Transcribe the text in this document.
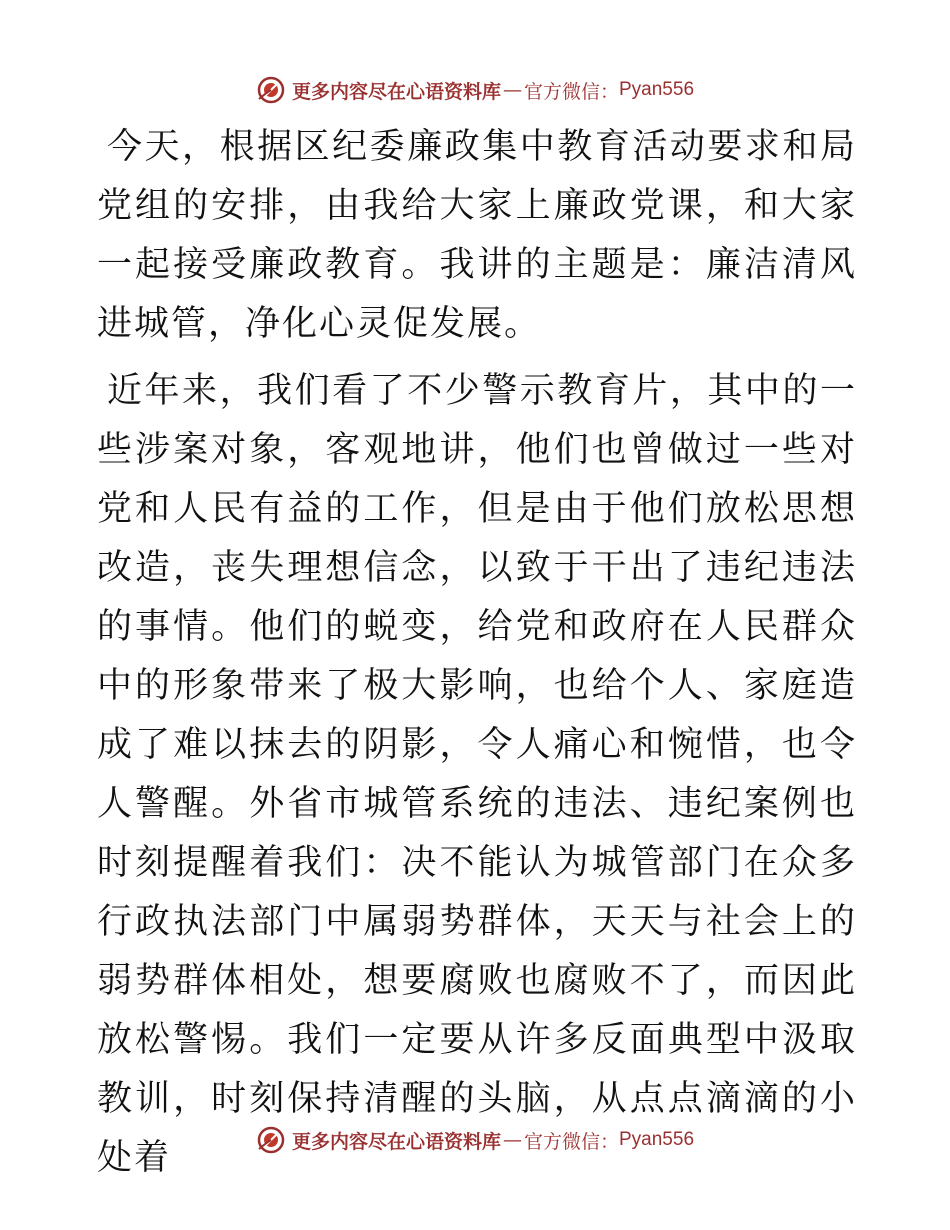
更多内容尽在心语资料库 — 官方微信： Pyan556

今天，根据区纪委廉政集中教育活动要求和局党组的安排，由我给大家上廉政党课，和大家一起接受廉政教育。我讲的主题是：廉洁清风进城管，净化心灵促发展。

近年来，我们看了不少警示教育片，其中的一些涉案对象，客观地讲，他们也曾做过一些对党和人民有益的工作，但是由于他们放松思想改造，丧失理想信念，以致于干出了违纪违法的事情。他们的蜕变，给党和政府在人民群众中的形象带来了极大影响，也给个人、家庭造成了难以抹去的阴影，令人痛心和惋惜，也令人警醒。外省市城管系统的违法、违纪案例也时刻提醒着我们：决不能认为城管部门在众多行政执法部门中属弱势群体，天天与社会上的弱势群体相处，想要腐败也腐败不了，而因此放松警惕。我们一定要从许多反面典型中汲取教训，时刻保持清醒的头脑，从点点滴滴的小处着	更多内容尽在心语资料库 — 官方微信： Pyan556
